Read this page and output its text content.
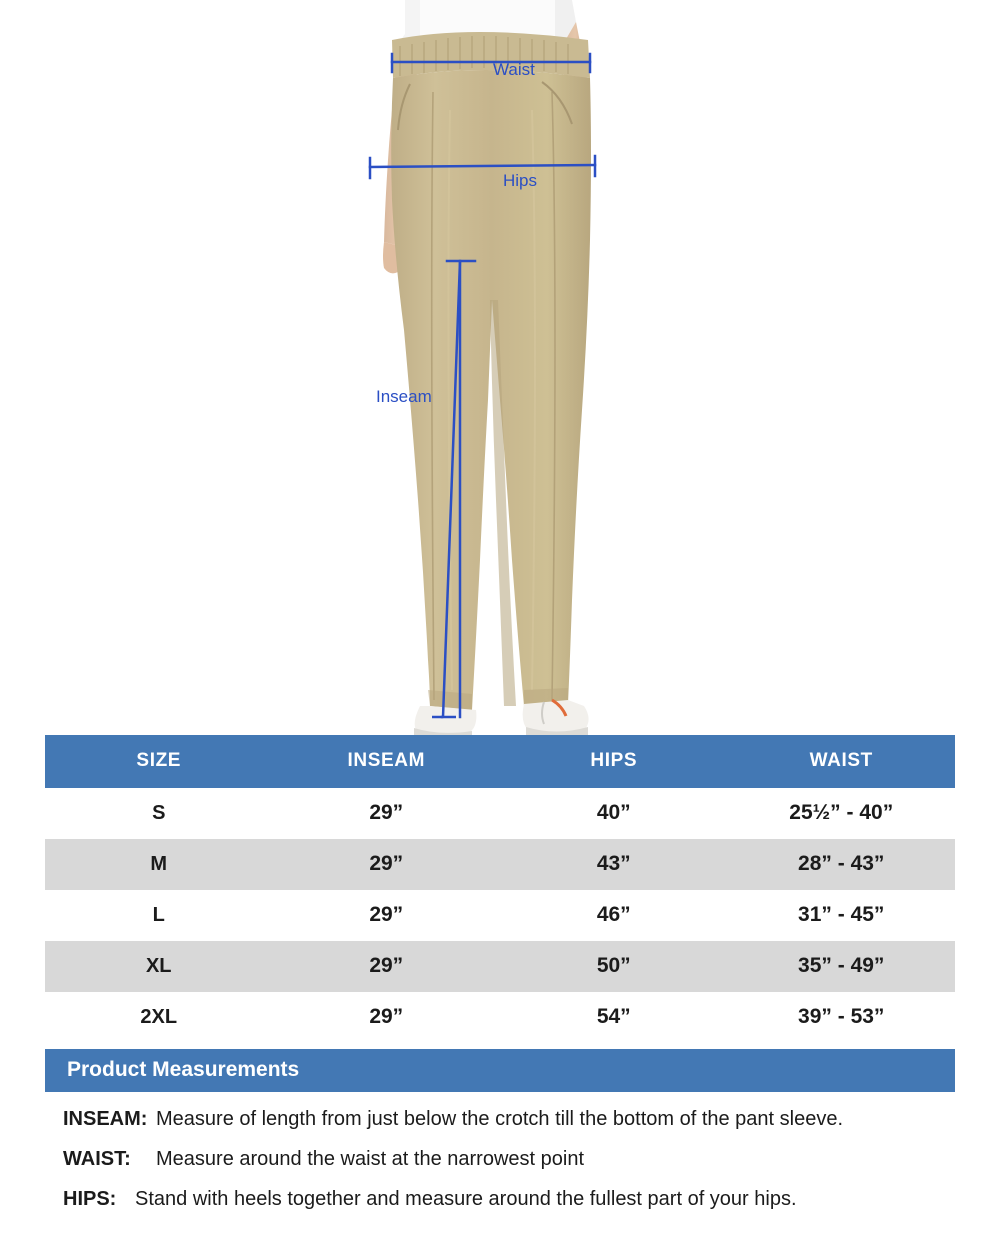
Waist
Hips
Inseam
SIZE	INSEAM	HIPS	WAIST
S	29”	40”	25½” - 40”
M	29”	43”	28” - 43”
L	29”	46”	31” - 45”
XL	29”	50”	35” - 49”
2XL	29”	54”	39” - 53”
Product Measurements
INSEAM: Measure of length from just below the crotch till the bottom of the pant sleeve.
WAIST:	Measure around the waist at the narrowest point
HIPS: Stand with heels together and measure around the fullest part of your hips.
